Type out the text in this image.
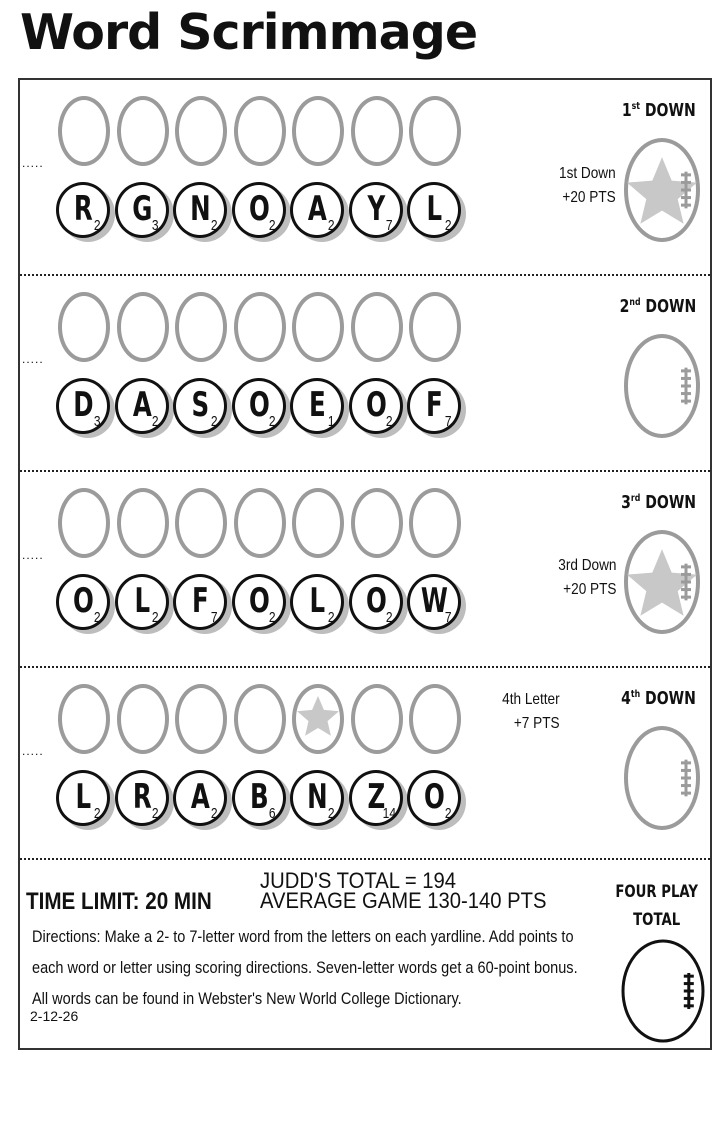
Word Scrimmage
.....
R 2 G 3 N 2 O 2 A 2 Y 7 L 2
1st DOWN
1st Down
+20 PTS
.....
D 3 A 2 S 2 O 2 E 1 O 2 F 7
2nd DOWN
.....
O 2 L 2 F 7 O 2 L 2 O 2 W
7
3rd DOWN
3rd Down
+20 PTS
.....
L 2 R 2 A 2 B 6 N 2 Z
14 O 2
4th DOWN
4th Letter
+7 PTS
TIME LIMIT: 20 MIN
JUDD'S TOTAL = 194
AVERAGE GAME 130-140 PTS
Directions: Make a 2- to 7-letter word from the letters on each yardline. Add points to each word or letter using scoring directions. Seven-letter words get a 60-point bonus. All words can be found in Webster's New World College Dictionary.
2-12-26
FOUR PLAY
TOTAL
